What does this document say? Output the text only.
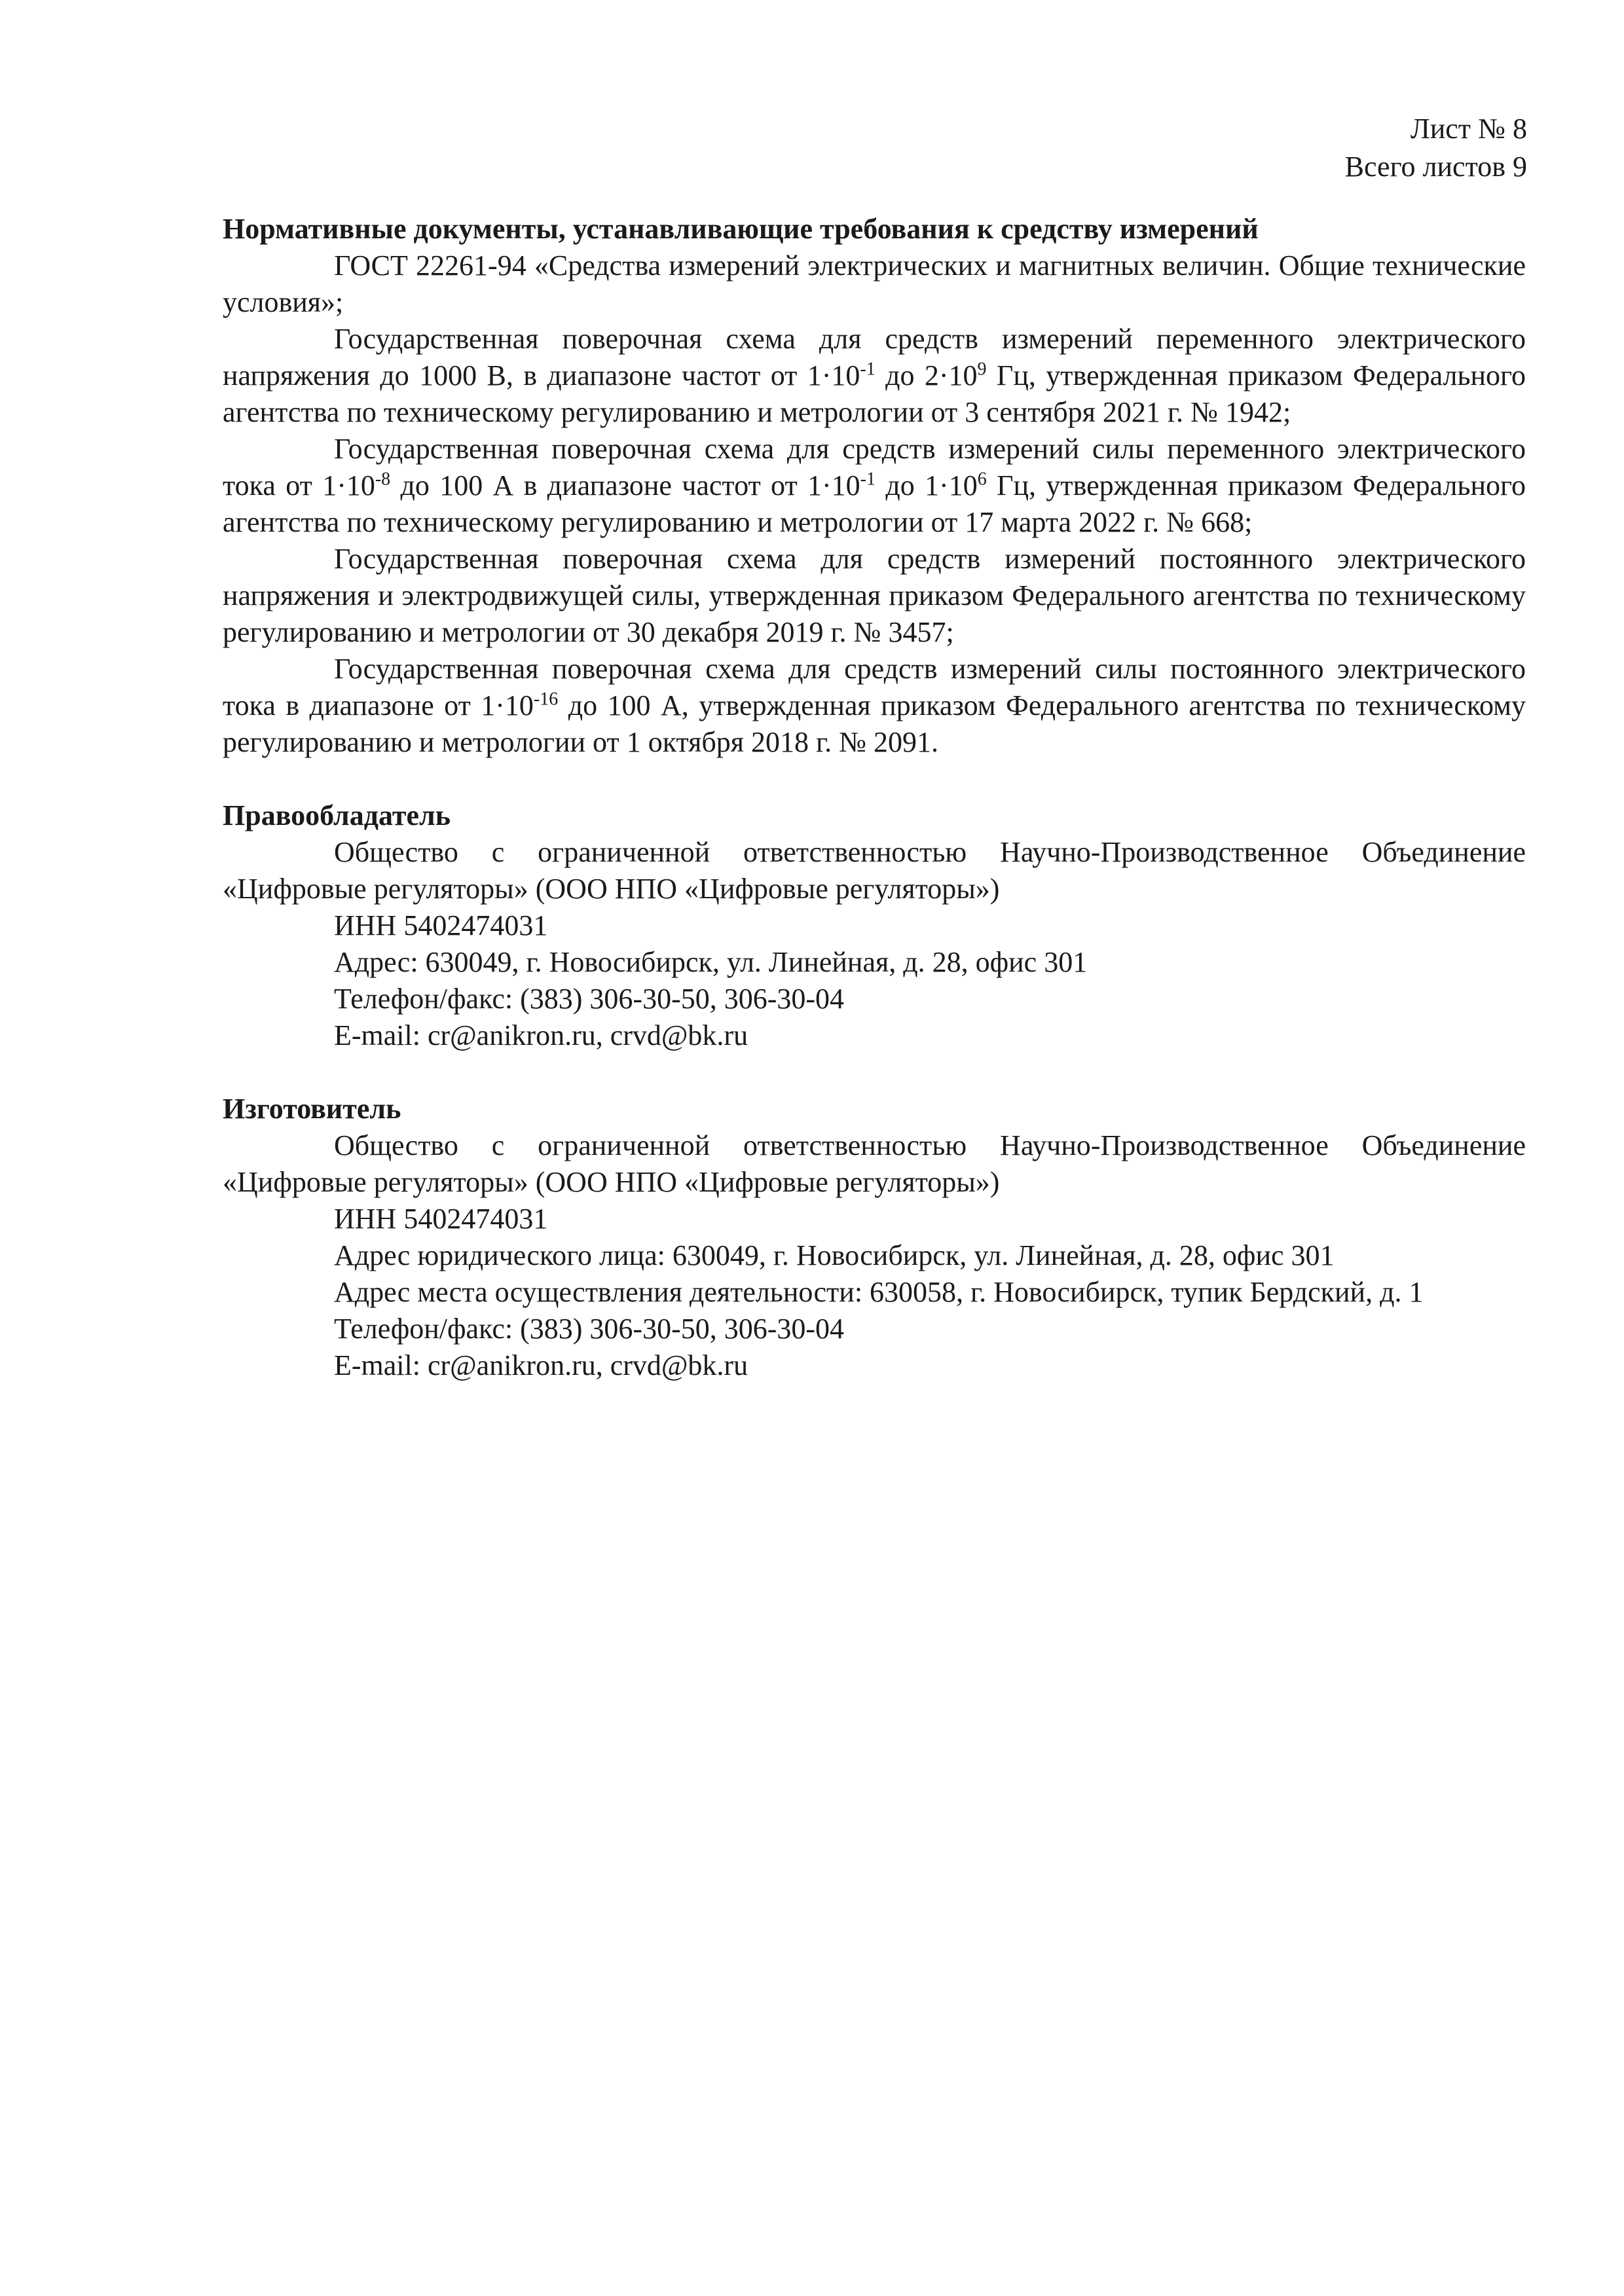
Лист № 8
Всего листов 9

Нормативные документы, устанавливающие требования к средству измерений

ГОСТ 22261-94 «Средства измерений электрических и магнитных величин. Общие технические условия»;

Государственная поверочная схема для средств измерений переменного электрического напряжения до 1000 В, в диапазоне частот от $1\cdot 10^{-1}$ до $2\cdot 10^9$ Гц, утвержденная приказом Федерального агентства по техническому регулированию и метрологии от 3 сентября 2021 г. № 1942;

Государственная поверочная схема для средств измерений силы переменного электрического тока от $1\cdot 10^{-8}$ до 100 А в диапазоне частот от $1\cdot 10^{-1}$ до $1\cdot 10^6$ Гц, утвержденная приказом Федерального агентства по техническому регулированию и метрологии от 17 марта 2022 г. № 668;

Государственная поверочная схема для средств измерений постоянного электрического напряжения и электродвижущей силы, утвержденная приказом Федерального агентства по техническому регулированию и метрологии от 30 декабря 2019 г. № 3457;

Государственная поверочная схема для средств измерений силы постоянного электрического тока в диапазоне от $1\cdot 10^{-16}$ до 100 А, утвержденная приказом Федерального агентства по техническому регулированию и метрологии от 1 октября 2018 г. № 2091.

Правообладатель

Общество с ограниченной ответственностью Научно-Производственное Объединение «Цифровые регуляторы» (ООО НПО «Цифровые регуляторы»)

ИНН 5402474031

Адрес: 630049, г. Новосибирск, ул. Линейная, д. 28, офис 301

Телефон/факс: (383) 306-30-50, 306-30-04

E-mail: cr@anikron.ru, crvd@bk.ru

Изготовитель

Общество с ограниченной ответственностью Научно-Производственное Объединение «Цифровые регуляторы» (ООО НПО «Цифровые регуляторы»)

ИНН 5402474031

Адрес юридического лица: 630049, г. Новосибирск, ул. Линейная, д. 28, офис 301

Адрес места осуществления деятельности: 630058, г. Новосибирск, тупик Бердский, д. 1

Телефон/факс: (383) 306-30-50, 306-30-04

E-mail: cr@anikron.ru, crvd@bk.ru
